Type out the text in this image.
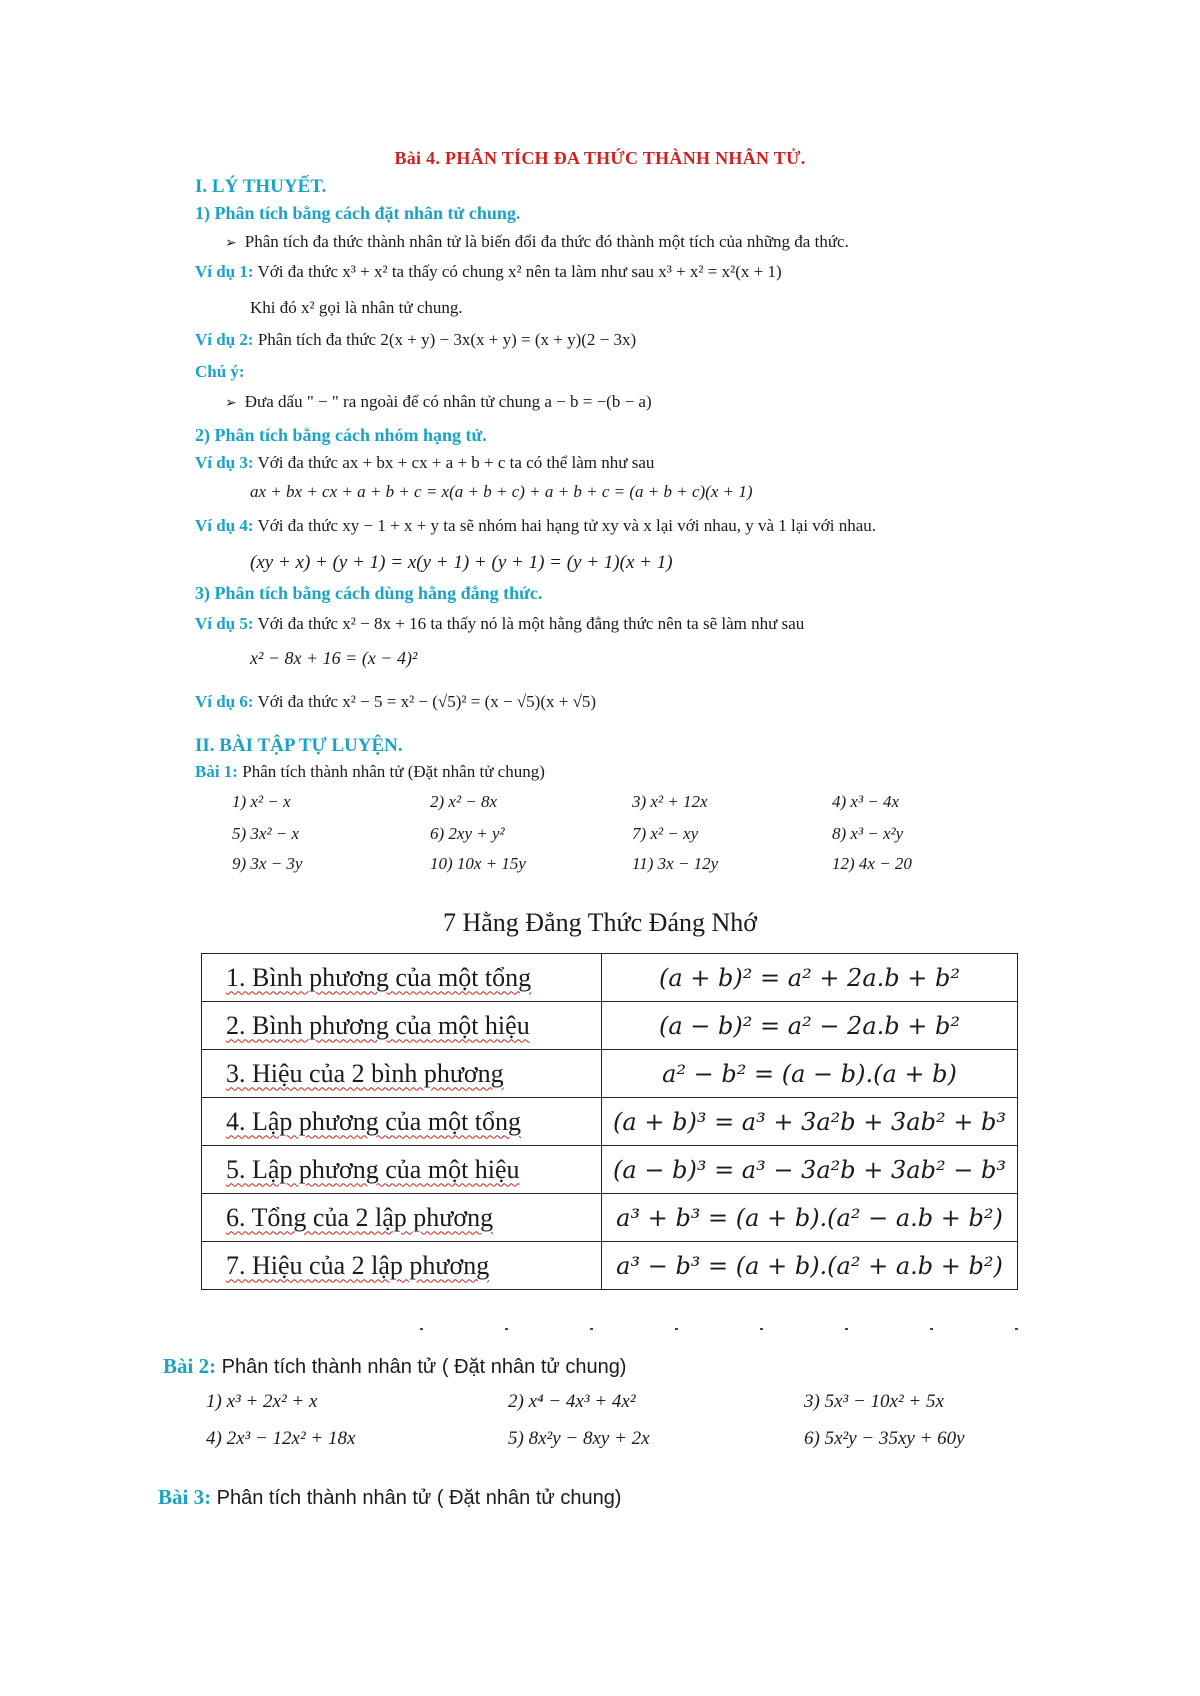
Bài 4. PHÂN TÍCH ĐA THỨC THÀNH NHÂN TỬ.
I. LÝ THUYẾT.
1) Phân tích bằng cách đặt nhân tử chung.
➢ Phân tích đa thức thành nhân tử là biến đổi đa thức đó thành một tích của những đa thức.
Ví dụ 1: Với đa thức x³ + x² ta thấy có chung x² nên ta làm như sau x³ + x² = x²(x + 1)
Khi đó x² gọi là nhân tử chung.
Ví dụ 2: Phân tích đa thức 2(x + y) − 3x(x + y) = (x + y)(2 − 3x)
Chú ý:
➢ Đưa dấu " − " ra ngoài để có nhân tử chung a − b = −(b − a)
2) Phân tích bằng cách nhóm hạng tử.
Ví dụ 3: Với đa thức ax + bx + cx + a + b + c ta có thể làm như sau
ax + bx + cx + a + b + c = x(a + b + c) + a + b + c = (a + b + c)(x + 1)
Ví dụ 4: Với đa thức xy − 1 + x + y ta sẽ nhóm hai hạng tử xy và x lại với nhau, y và 1 lại với nhau.
(xy + x) + (y + 1) = x(y + 1) + (y + 1) = (y + 1)(x + 1)
3) Phân tích bằng cách dùng hằng đẳng thức.
Ví dụ 5: Với đa thức x² − 8x + 16 ta thấy nó là một hằng đẳng thức nên ta sẽ làm như sau
x² − 8x + 16 = (x − 4)²
Ví dụ 6: Với đa thức x² − 5 = x² − (√5)² = (x − √5)(x + √5)
II. BÀI TẬP TỰ LUYỆN.
Bài 1: Phân tích thành nhân tử (Đặt nhân tử chung)
1) x² − x	2) x² − 8x	3) x² + 12x	4) x³ − 4x
5) 3x² − x	6) 2xy + y²	7) x² − xy	8) x³ − x²y
9) 3x − 3y	10) 10x + 15y	11) 3x − 12y	12) 4x − 20
7 Hằng Đẳng Thức Đáng Nhớ
1. Bình phương của một tổng	(a + b)² = a² + 2a.b + b²
2. Bình phương của một hiệu	(a − b)² = a² − 2a.b + b²
3. Hiệu của 2 bình phương	a² − b² = (a − b).(a + b)
4. Lập phương của một tổng	(a + b)³ = a³ + 3a²b + 3ab² + b³
5. Lập phương của một hiệu	(a − b)³ = a³ − 3a²b + 3ab² − b³
6. Tổng của 2 lập phương	a³ + b³ = (a + b).(a² − a.b + b²)
7. Hiệu của 2 lập phương	a³ − b³ = (a + b).(a² + a.b + b²)
Bài 2: Phân tích thành nhân tử ( Đặt nhân tử chung)
1) x³ + 2x² + x	2) x⁴ − 4x³ + 4x²	3) 5x³ − 10x² + 5x
4) 2x³ − 12x² + 18x	5) 8x²y − 8xy + 2x	6) 5x²y − 35xy + 60y
Bài 3: Phân tích thành nhân tử ( Đặt nhân tử chung)
